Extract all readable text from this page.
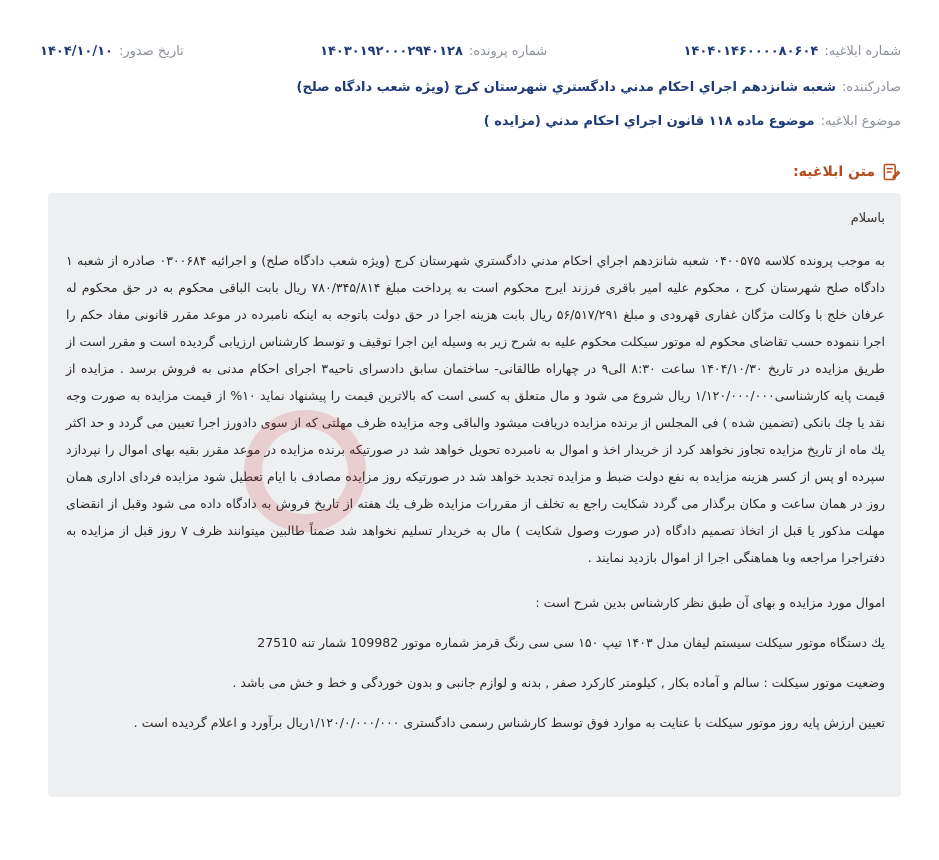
شماره ابلاغیه:
۱۴۰۴۰۱۴۶۰۰۰۰۸۰۶۰۴
شماره پرونده:
۱۴۰۳۰۱۹۲۰۰۰۲۹۴۰۱۲۸
تاریخ صدور:
۱۴۰۴/۱۰/۱۰
صادرکننده:
شعبه شانزدهم اجراي احكام مدني دادگستري شهرستان كرج (ويژه شعب دادگاه صلح)
موضوع ابلاغیه:
موضوع ماده ۱۱۸ قانون اجراي احكام مدني (مزايده )
متن ابلاغیه:
باسلام
به موجب پرونده كلاسه ۰۴۰۰۵۷۵ شعبه شانزدهم اجراي احكام مدني دادگستري شهرستان كرج (ويژه شعب دادگاه صلح) و اجرائيه ۰۳۰۰۶۸۴ صادره از شعبه ۱ دادگاه صلح شهرستان كرج ، محكوم عليه امير باقرى فرزند ايرج محكوم است به پرداخت مبلغ ۷۸۰/۳۴۵/۸۱۴ ريال بابت الباقى محكوم به در حق محكوم له عرفان خلج با وكالت مژگان غفارى قهرودى و مبلغ ۵۶/۵۱۷/۲۹۱ ريال بابت هزينه اجرا در حق دولت باتوجه به اينكه نامبرده در موعد مقرر قانونى مفاد حكم را اجرا ننموده حسب تقاضاى محكوم له موتور سيكلت محكوم عليه به شرح زير به وسيله اين اجرا توقيف و توسط كارشناس ارزيابى گرديده است و مقرر است از طريق مزايده در تاريخ ۱۴۰۴/۱۰/۳۰ ساعت ۸:۳۰ الى۹ در چهاراه طالقانى- ساختمان سابق دادسراى ناحيه۳ اجراى احكام مدنى به فروش برسد . مزايده از قيمت پايه كارشناسى۱/۱۲۰/۰۰۰/۰۰۰ ريال شروع مى شود و مال متعلق به كسى است كه بالاترين قيمت را پيشنهاد نمايد ۱۰% از قيمت مزايده به صورت وجه نقد يا چك بانكى (تضمين شده ) فى المجلس از برنده مزايده دريافت ميشود والباقى وجه مزايده ظرف مهلتى كه از سوى دادورز اجرا تعيين مى گردد و حد اكثر يك ماه از تاريخ مزايده تجاوز نخواهد كرد از خريدار اخذ و اموال به نامبرده تحويل خواهد شد در صورتيكه برنده مزايده در موعد مقرر بقيه بهاى اموال را نپردازد سپرده او پس از كسر هزينه مزايده به نفع دولت ضبط و مزايده تجديد خواهد شد در صورتيكه روز مزايده مصادف با ايام تعطيل شود مزايده فرداى ادارى همان روز در همان ساعت و مكان برگذار مى گردد شكايت راجع به تخلف از مقررات مزايده ظرف يك هفته از تاريخ فروش به دادگاه داده مى شود وقبل از انقضاى مهلت مذكور يا قبل از اتخاذ تصميم دادگاه (در صورت وصول شكايت ) مال به خريدار تسليم نخواهد شد ضمناً طالبين ميتوانند ظرف ۷ روز قبل از مزايده به دفتراجرا مراجعه وبا هماهنگى اجرا از اموال بازديد نمايند .
اموال مورد مزايده و بهاى آن طبق نظر كارشناس بدين شرح است :
يك دستگاه موتور سيكلت سيستم ليفان مدل ۱۴۰۳ تيپ ۱۵۰ سى سى رنگ قرمز شماره موتور 109982 شمار تنه 27510
وضعيت موتور سيكلت : سالم و آماده بكار , كيلومتر كاركرد صفر , بدنه و لوازم جانبى و بدون خوردگى و خط و خش مى باشد .
تعيين ارزش پايه روز موتور سيكلت با عنايت به موارد فوق توسط كارشناس رسمى دادگسترى ۱/۱۲۰/۰/۰۰۰/۰۰۰ريال برآورد و اعلام گرديده است .
